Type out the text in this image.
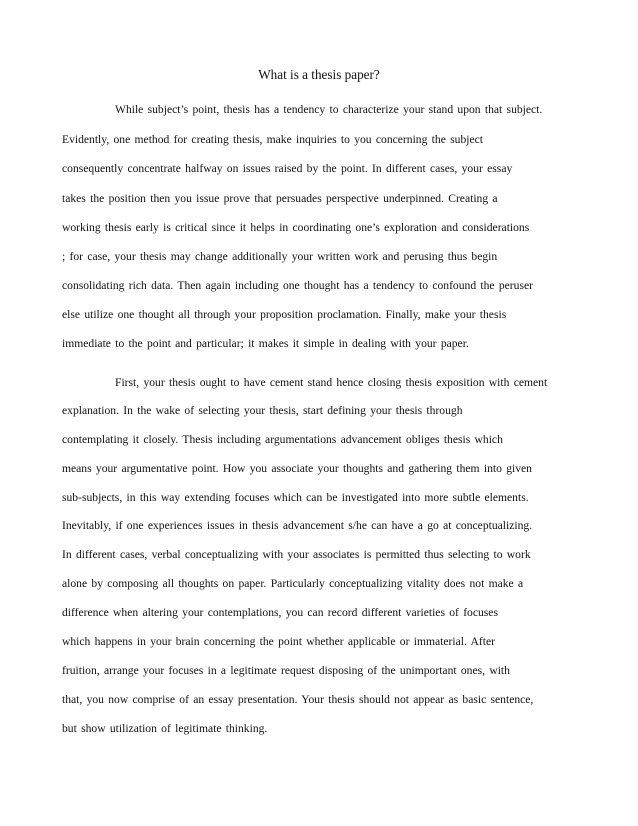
What is a thesis paper?
While subject’s point, thesis has a tendency to characterize your stand upon that subject.
Evidently, one method for creating thesis, make inquiries to you concerning the subject
consequently concentrate halfway on issues raised by the point. In different cases, your essay
takes the position then you issue prove that persuades perspective underpinned. Creating a
working thesis early is critical since it helps in coordinating one’s exploration and considerations
; for case, your thesis may change additionally your written work and perusing thus begin
consolidating rich data. Then again including one thought has a tendency to confound the peruser
else utilize one thought all through your proposition proclamation. Finally, make your thesis
immediate to the point and particular; it makes it simple in dealing with your paper.
First, your thesis ought to have cement stand hence closing thesis exposition with cement
explanation. In the wake of selecting your thesis, start defining your thesis through
contemplating it closely. Thesis including argumentations advancement obliges thesis which
means your argumentative point. How you associate your thoughts and gathering them into given
sub-subjects, in this way extending focuses which can be investigated into more subtle elements.
Inevitably, if one experiences issues in thesis advancement s/he can have a go at conceptualizing.
In different cases, verbal conceptualizing with your associates is permitted thus selecting to work
alone by composing all thoughts on paper. Particularly conceptualizing vitality does not make a
difference when altering your contemplations, you can record different varieties of focuses
which happens in your brain concerning the point whether applicable or immaterial. After
fruition, arrange your focuses in a legitimate request disposing of the unimportant ones, with
that, you now comprise of an essay presentation. Your thesis should not appear as basic sentence,
but show utilization of legitimate thinking.
